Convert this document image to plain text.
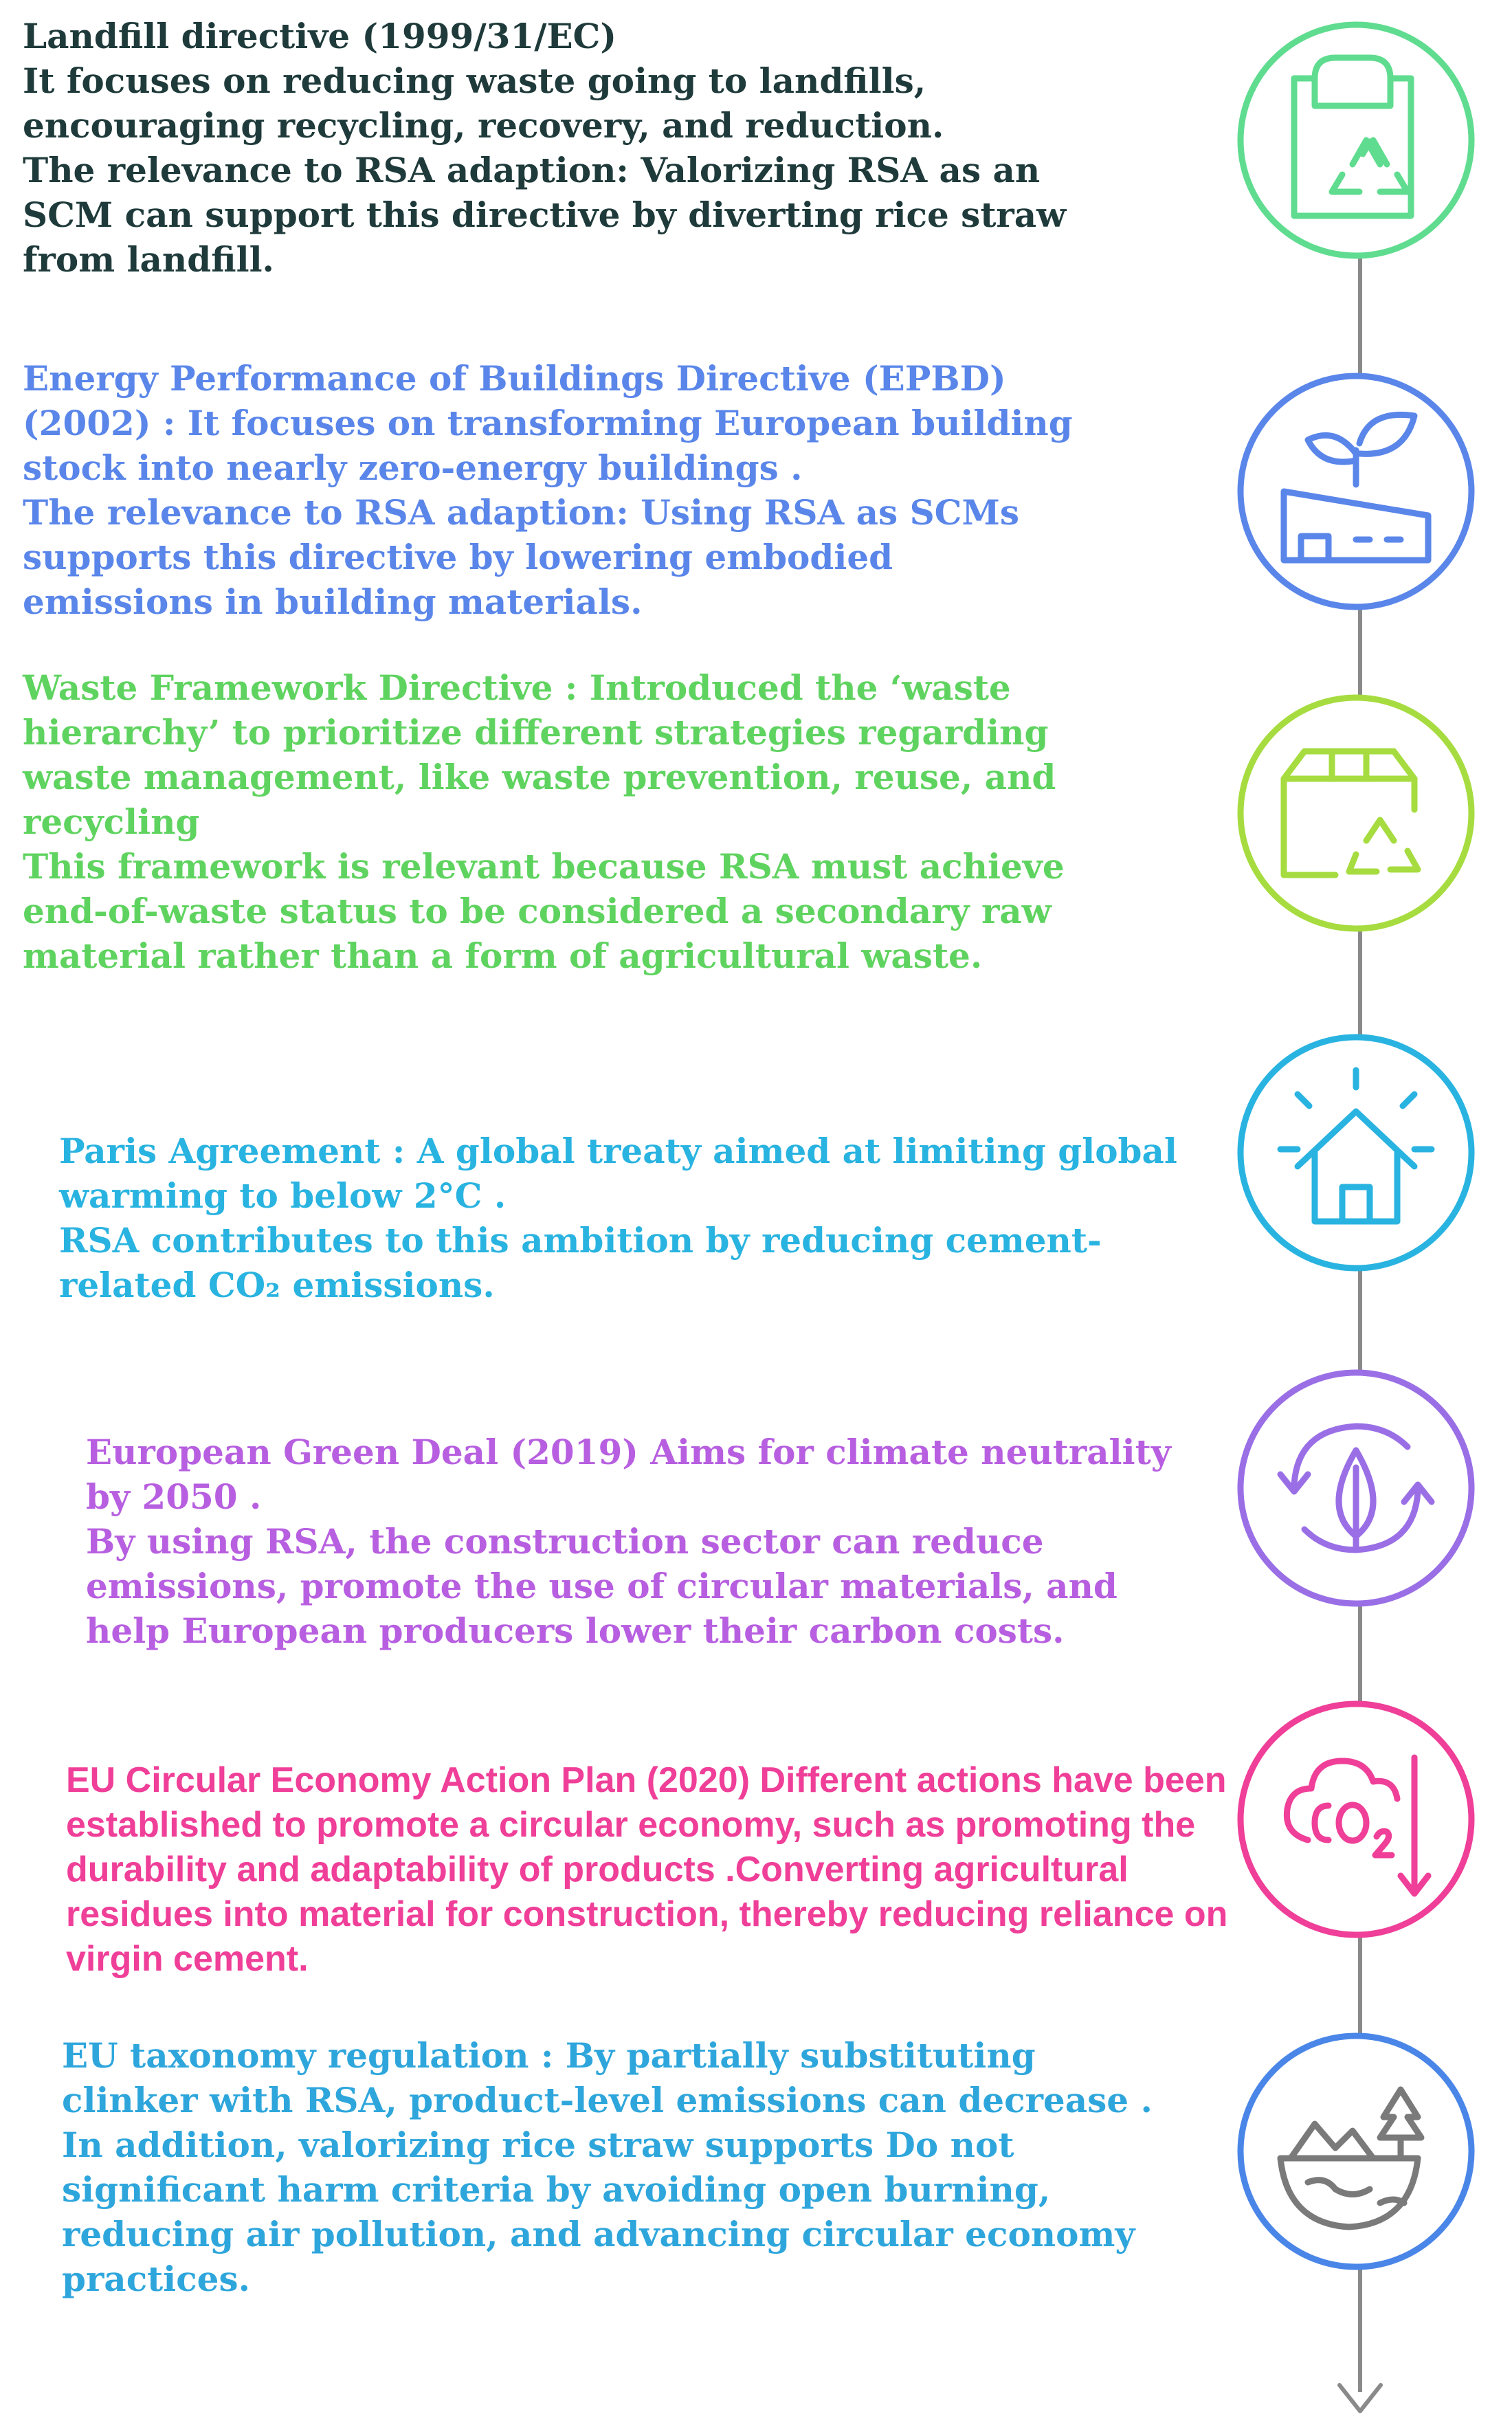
Landfill directive (1999/31/EC)
It focuses on reducing waste going to landfills,
encouraging recycling, recovery, and reduction.
The relevance to RSA adaption: Valorizing RSA as an
SCM can support this directive by diverting rice straw
from landfill.
Energy Performance of Buildings Directive (EPBD)
(2002) : It focuses on transforming European building
stock into nearly zero-energy buildings .
The relevance to RSA adaption: Using RSA as SCMs
supports this directive by lowering embodied
emissions in building materials.
Waste Framework Directive : Introduced the ‘waste
hierarchy’ to prioritize different strategies regarding
waste management, like waste prevention, reuse, and
recycling
This framework is relevant because RSA must achieve
end-of-waste status to be considered a secondary raw
material rather than a form of agricultural waste.
Paris Agreement : A global treaty aimed at limiting global
warming to below 2°C .
RSA contributes to this ambition by reducing cement-
related CO₂ emissions.
European Green Deal (2019) Aims for climate neutrality
by 2050 .
By using RSA, the construction sector can reduce
emissions, promote the use of circular materials, and
help European producers lower their carbon costs.
EU Circular Economy Action Plan (2020) Different actions have been
established to promote a circular economy, such as promoting the
durability and adaptability of products .Converting agricultural
residues into material for construction, thereby reducing reliance on
virgin cement.
EU taxonomy regulation : By partially substituting
clinker with RSA, product-level emissions can decrease .
In addition, valorizing rice straw supports Do not
significant harm criteria by avoiding open burning,
reducing air pollution, and advancing circular economy
practices.
